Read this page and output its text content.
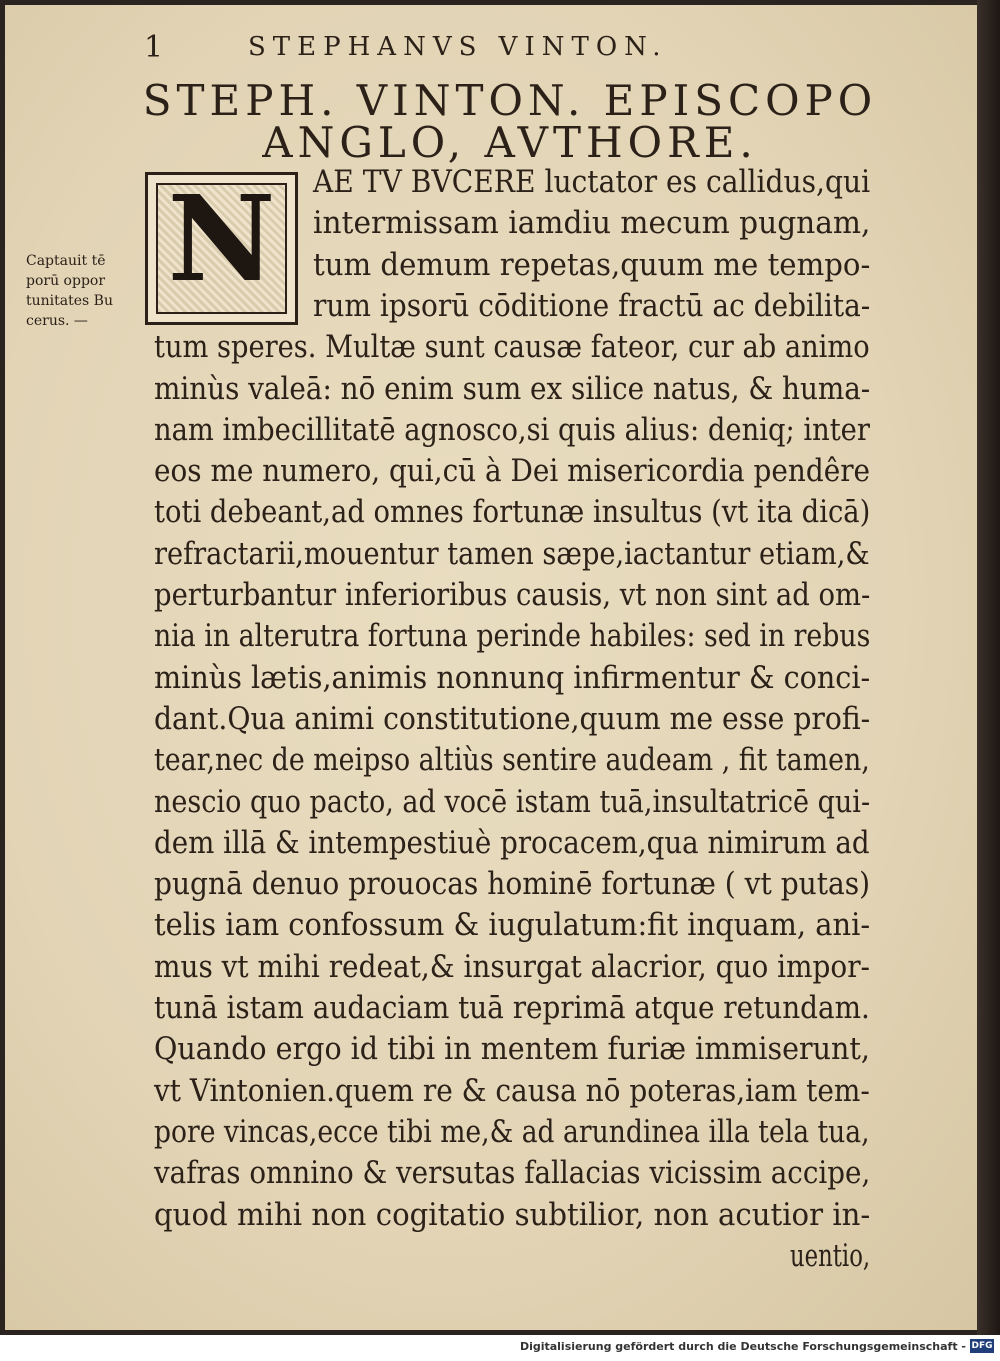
1	STEPHANVS VINTON.
STEPH. VINTON. EPISCOPO
ANGLO, AVTHORE.
N
Captauit tē
porū oppor
tunitates Bu
cerus. —
AE TV BVCERE luctator es callidus,qui
intermissam iamdiu mecum pugnam,
tum demum repetas,quum me tempo-
rum ipsorū cōditione fractū ac debilita-
tum speres. Multæ sunt causæ fateor, cur ab animo
minùs valeā: nō enim sum ex silice natus, & huma-
nam imbecillitatē agnosco,si quis alius: deniq; inter
eos me numero, qui,cū à Dei misericordia pendêre
toti debeant,ad omnes fortunæ insultus (vt ita dicā)
refractarii,mouentur tamen sæpe,iactantur etiam,&
perturbantur inferioribus causis, vt non sint ad om-
nia in alterutra fortuna perinde habiles: sed in rebus
minùs lætis,animis nonnunq infirmentur & conci-
dant.Qua animi constitutione,quum me esse profi-
tear,nec de meipso altiùs sentire audeam , fit tamen,
nescio quo pacto, ad vocē istam tuā,insultatricē qui-
dem illā & intempestiuè procacem,qua nimirum ad
pugnā denuo prouocas hominē fortunæ ( vt putas)
telis iam confossum & iugulatum:fit inquam, ani-
mus vt mihi redeat,& insurgat alacrior, quo impor-
tunā istam audaciam tuā reprimā atque retundam.
Quando ergo id tibi in mentem furiæ immiserunt,
vt Vintonien.quem re & causa nō poteras,iam tem-
pore vincas,ecce tibi me,& ad arundinea illa tela tua,
vafras omnino & versutas fallacias vicissim accipe,
quod mihi non cogitatio subtilior, non acutior in-
uentio,
Digitalisierung gefördert durch die Deutsche Forschungsgemeinschaft - DFG
